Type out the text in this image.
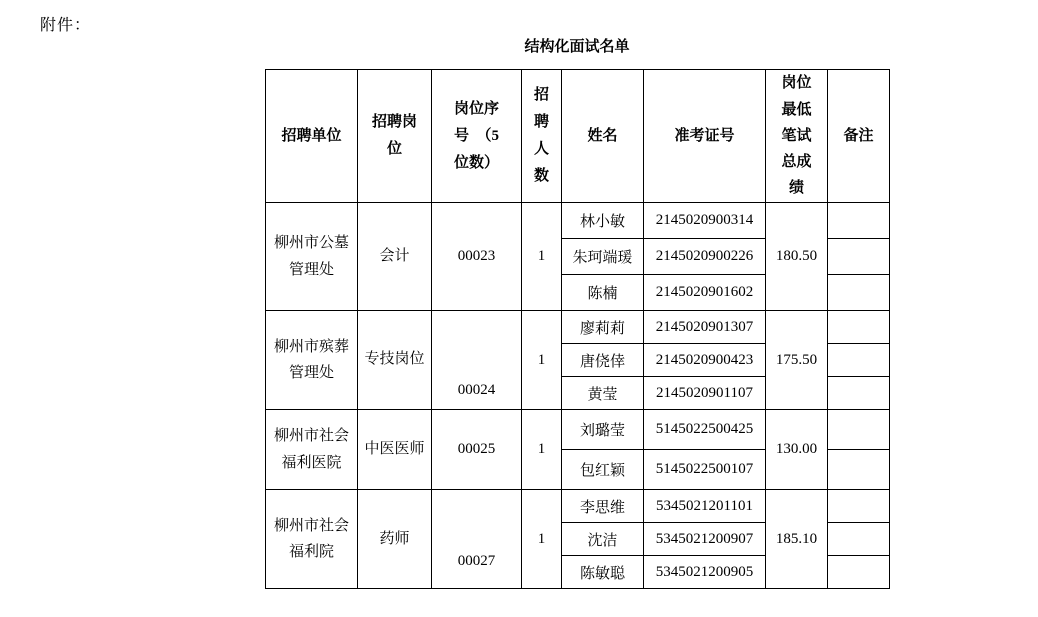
附件：
结构化面试名单
招聘单位	招聘岗位	岗位序号　（5位数）	招聘人数	姓名	准考证号	岗位最低笔试总成绩	备注
柳州市公墓管理处	会计	00023	1	林小敏	2145020900314	180.50	
				朱珂端瑗	2145020900226		
				陈楠	2145020901602		
柳州市殡葬管理处	专技岗位	00024	1	廖莉莉	2145020901307	175.50	
				唐侥倖	2145020900423		
				黄莹	2145020901107		
柳州市社会福利医院	中医医师	00025	1	刘璐莹	5145022500425	130.00	
				包红颖	5145022500107		
柳州市社会福利院	药师	00027	1	李思维	5345021201101	185.10	
				沈洁	5345021200907		
				陈敏聪	5345021200905		
